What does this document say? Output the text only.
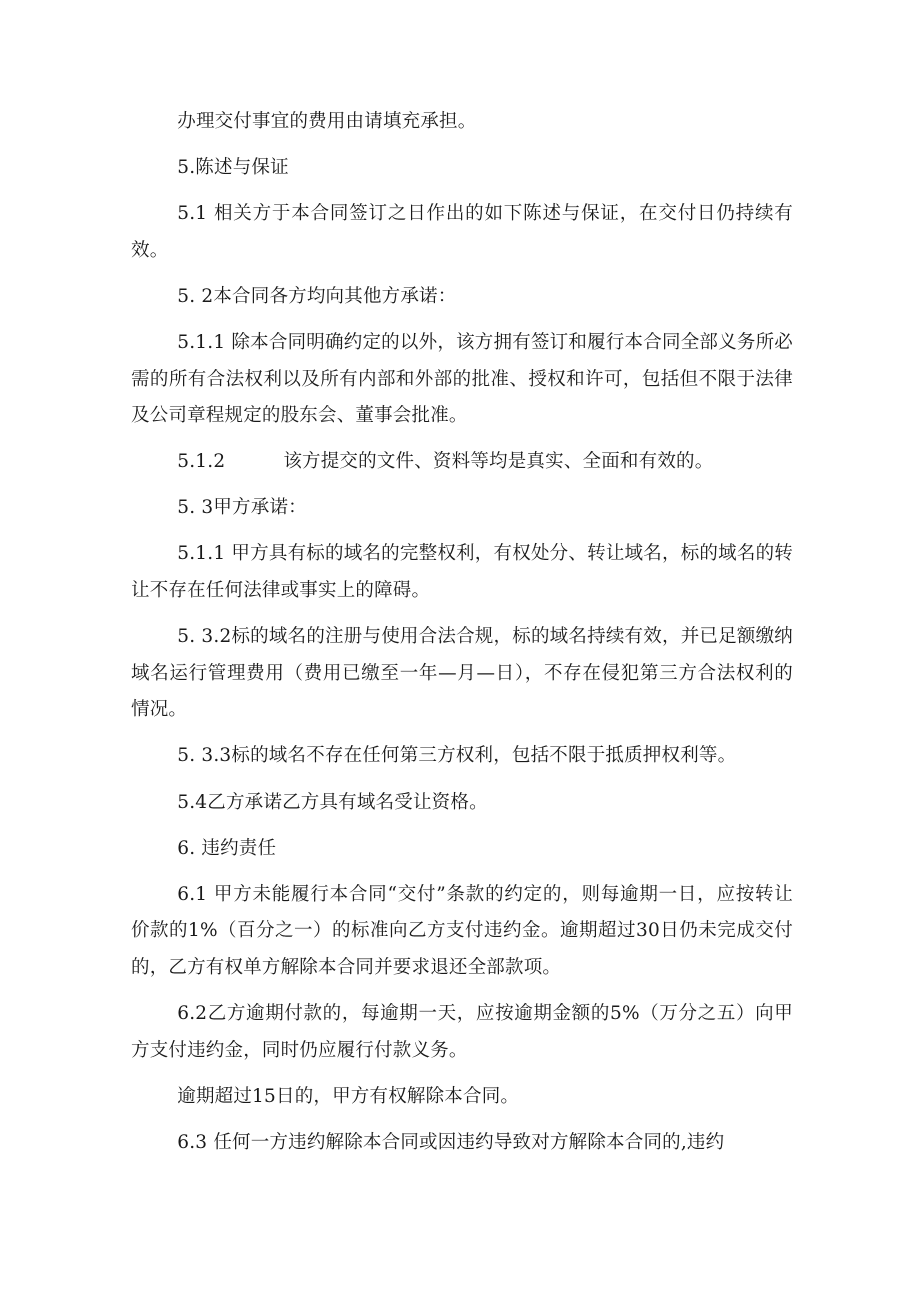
办理交付事宜的费用由请填充承担。

5.陈述与保证

5.1 相关方于本合同签订之日作出的如下陈述与保证，在交付日仍持续有效。

5. 2本合同各方均向其他方承诺：

5.1.1 除本合同明确约定的以外，该方拥有签订和履行本合同全部义务所必需的所有合法权利以及所有内部和外部的批准、授权和许可，包括但不限于法律及公司章程规定的股东会、董事会批准。

5.1.2	该方提交的文件、资料等均是真实、全面和有效的。

5. 3甲方承诺：

5.1.1 甲方具有标的域名的完整权利，有权处分、转让域名，标的域名的转让不存在任何法律或事实上的障碍。

5. 3.2标的域名的注册与使用合法合规，标的域名持续有效，并已足额缴纳域名运行管理费用（费用已缴至一年—月—日），不存在侵犯第三方合法权利的情况。

5. 3.3标的域名不存在任何第三方权利，包括不限于抵质押权利等。

5.4乙方承诺乙方具有域名受让资格。

6. 违约责任

6.1 甲方未能履行本合同“交付”条款的约定的，则每逾期一日，应按转让价款的1%（百分之一）的标准向乙方支付违约金。逾期超过30日仍未完成交付的，乙方有权单方解除本合同并要求退还全部款项。

6.2乙方逾期付款的，每逾期一天，应按逾期金额的5%（万分之五）向甲方支付违约金，同时仍应履行付款义务。

逾期超过15日的，甲方有权解除本合同。

6.3 任何一方违约解除本合同或因违约导致对方解除本合同的,违约
